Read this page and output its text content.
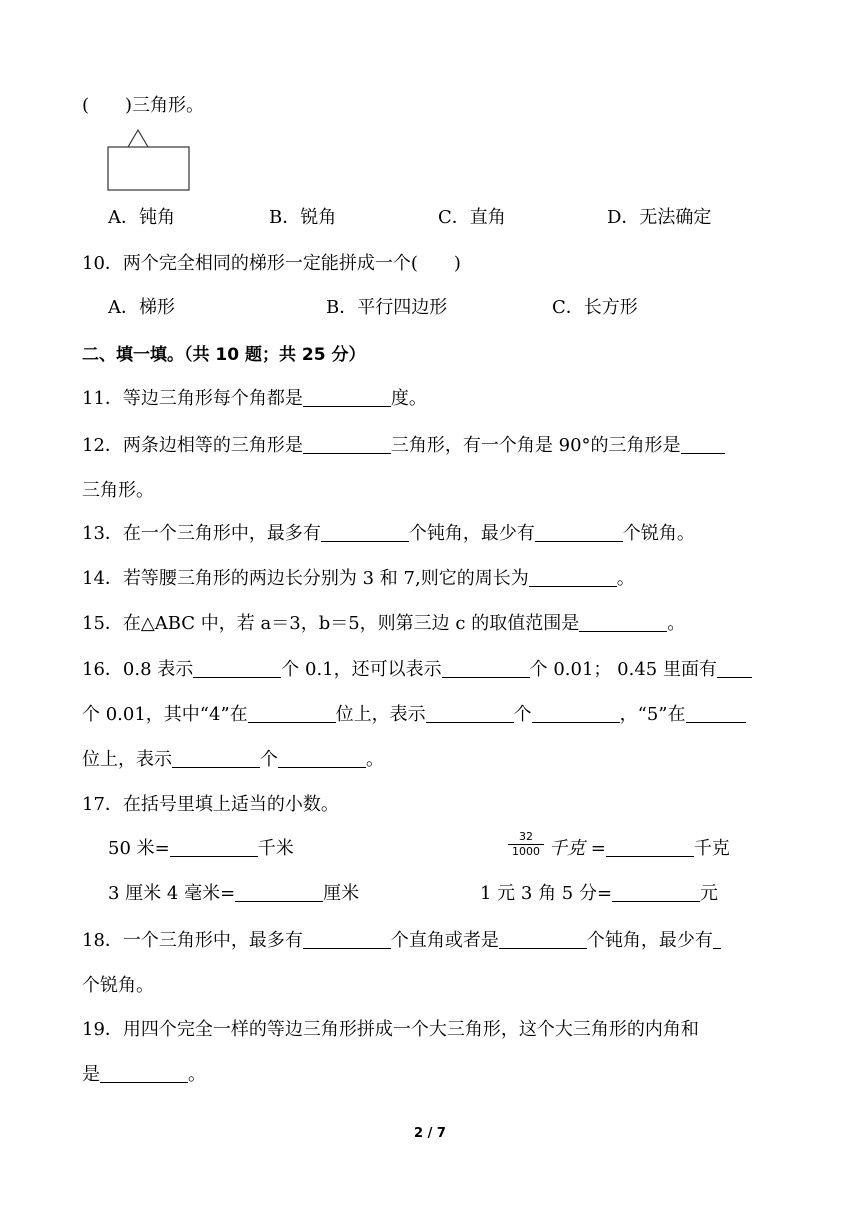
(　　)三角形。
A．钝角	B．锐角	C．直角	D．无法确定
10．两个完全相同的梯形一定能拼成一个(　　)
A．梯形	B．平行四边形	C．长方形
二、填一填。（共 10 题；共 25 分）
11．等边三角形每个角都是	度。
12．两条边相等的三角形是	三角形，有一个角是 90°的三角形是
三角形。
13．在一个三角形中，最多有	个钝角，最少有	个锐角。
14．若等腰三角形的两边长分别为 3 和 7,则它的周长为	。
15．在△ABC 中，若 a＝3，b＝5，则第三边 c 的取值范围是	。
16．0.8 表示	个 0.1，还可以表示	个 0.01； 0.45 里面有
个 0.01，其中“4”在	位上，表示	个	，“5”在
位上，表示	个	。
17．在括号里填上适当的小数。
50 米=	千米	$\frac{32}{1000}$ 千克 =	千克
3 厘米 4 毫米=	厘米	1 元 3 角 5 分=	元
18．一个三角形中，最多有	个直角或者是	个钝角，最少有
个锐角。
19．用四个完全一样的等边三角形拼成一个大三角形，这个大三角形的内角和
是	。
2 / 7
